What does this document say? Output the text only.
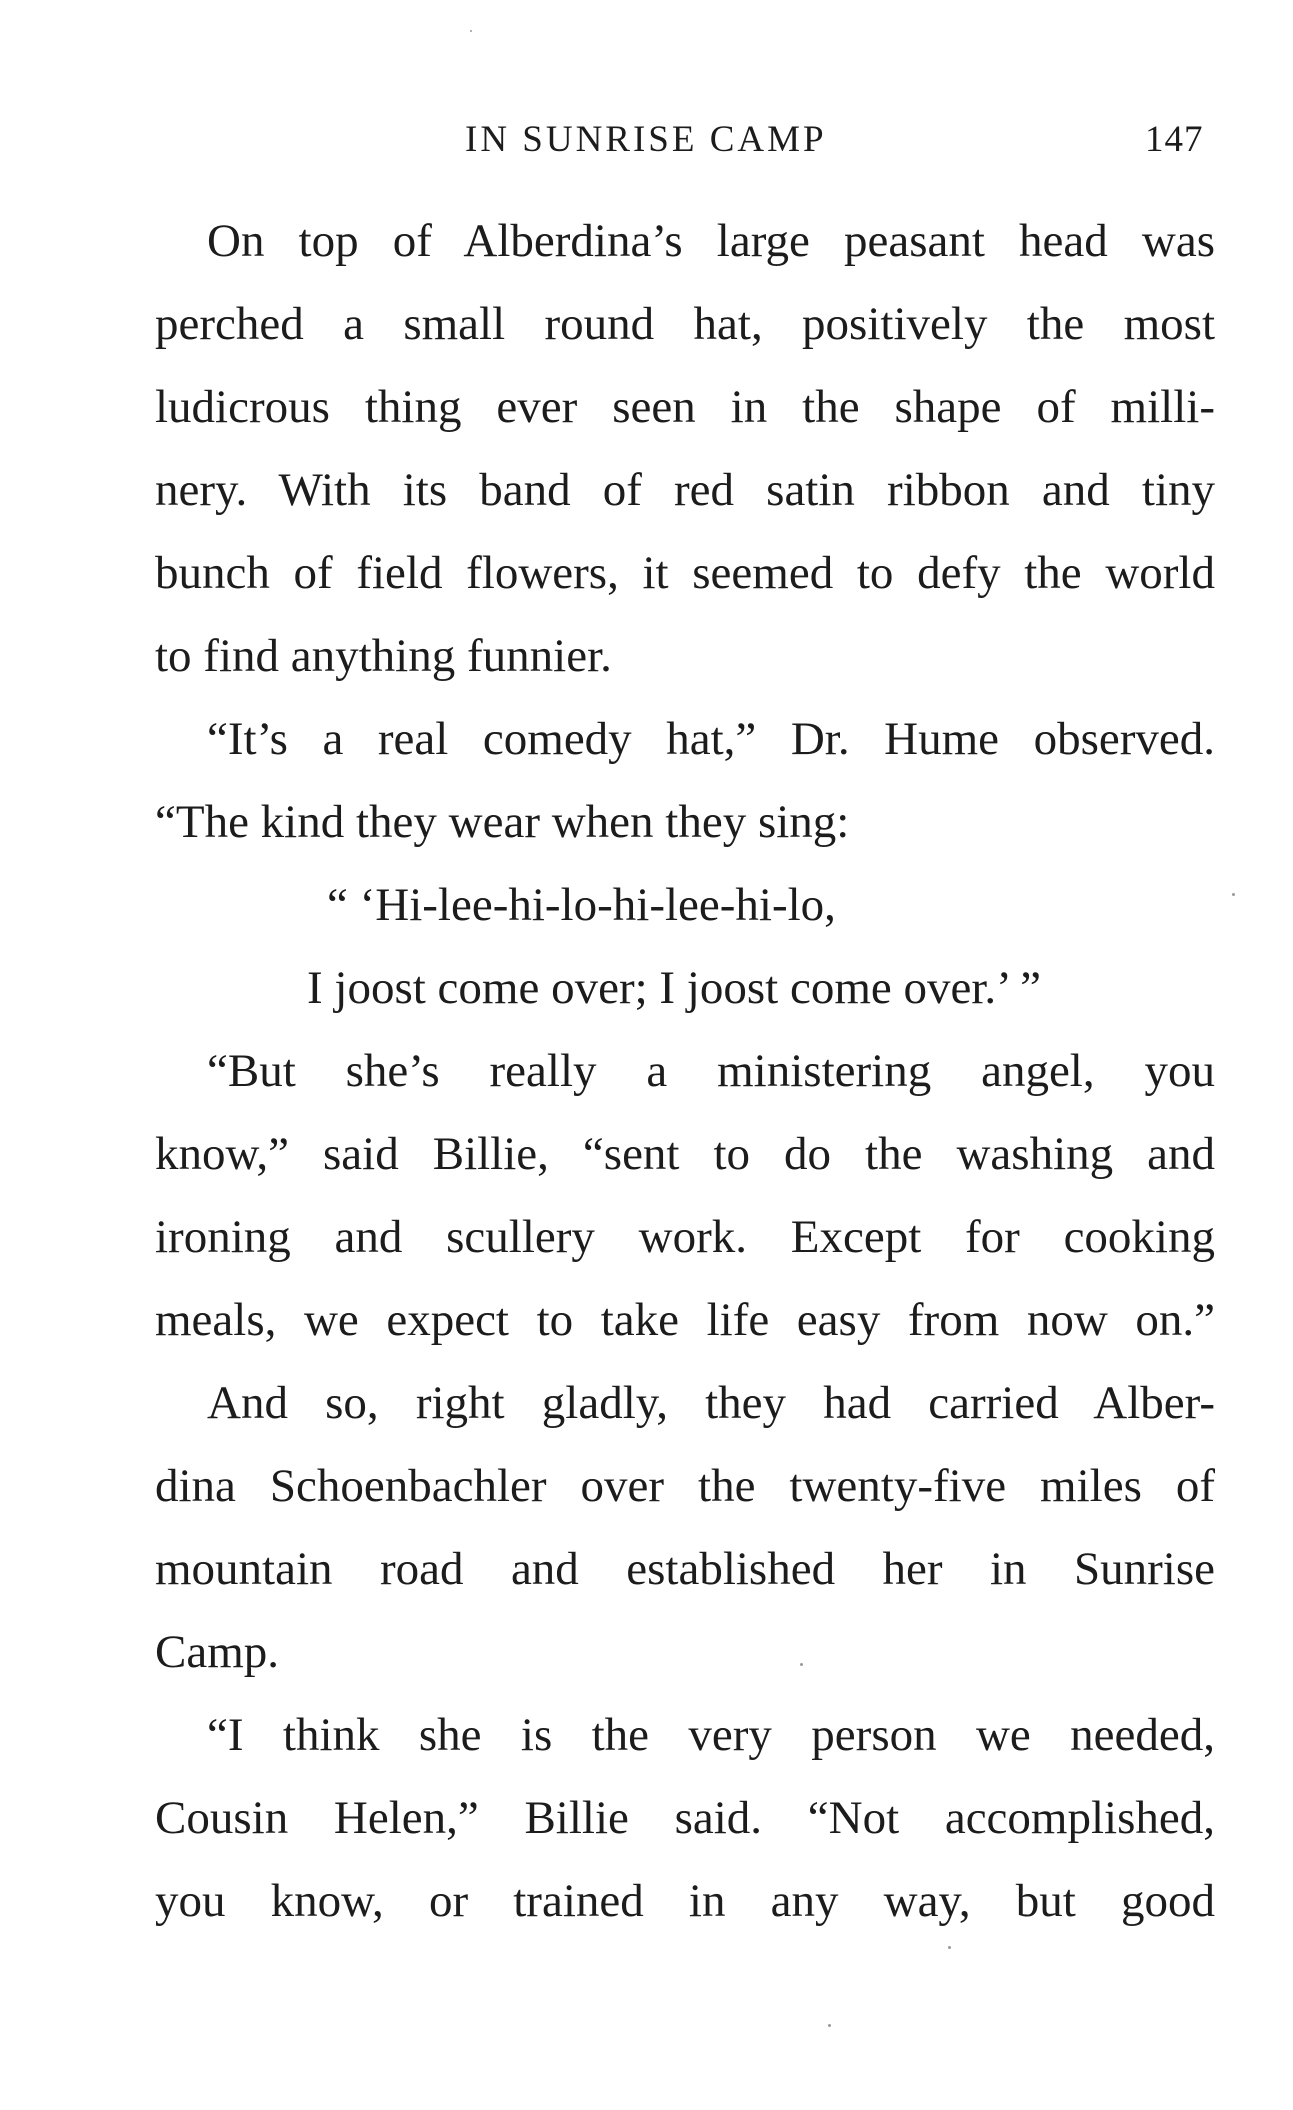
IN SUNRISE CAMP	147
On top of Alberdina’s large peasant head was
perched a small round hat, positively the most
ludicrous thing ever seen in the shape of milli-
nery. With its band of red satin ribbon and tiny
bunch of field flowers, it seemed to defy the world
to find anything funnier.
“It’s a real comedy hat,” Dr. Hume observed.
“The kind they wear when they sing:
“ ‘Hi-lee-hi-lo-hi-lee-hi-lo,
I joost come over; I joost come over.’ ”
“But she’s really a ministering angel, you
know,” said Billie, “sent to do the washing and
ironing and scullery work. Except for cooking
meals, we expect to take life easy from now on.”
And so, right gladly, they had carried Alber-
dina Schoenbachler over the twenty-five miles of
mountain road and established her in Sunrise
Camp.
“I think she is the very person we needed,
Cousin Helen,” Billie said. “Not accomplished,
you know, or trained in any way, but good
